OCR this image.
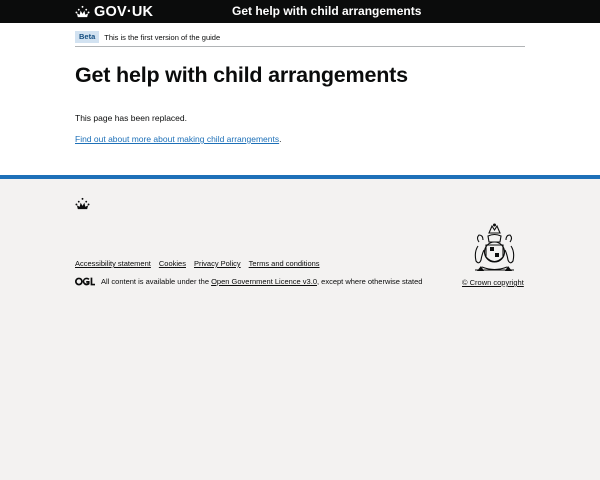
GOV·UK	Get help with child arrangements
Beta	This is the first version of the guide
Get help with child arrangements

This page has been replaced.

Find out about more about making child arrangements.

Accessibility statement Cookies Privacy Policy Terms and conditions
All content is available under the
Open Government Licence v3.0 , except where otherwise stated	© Crown copyright
